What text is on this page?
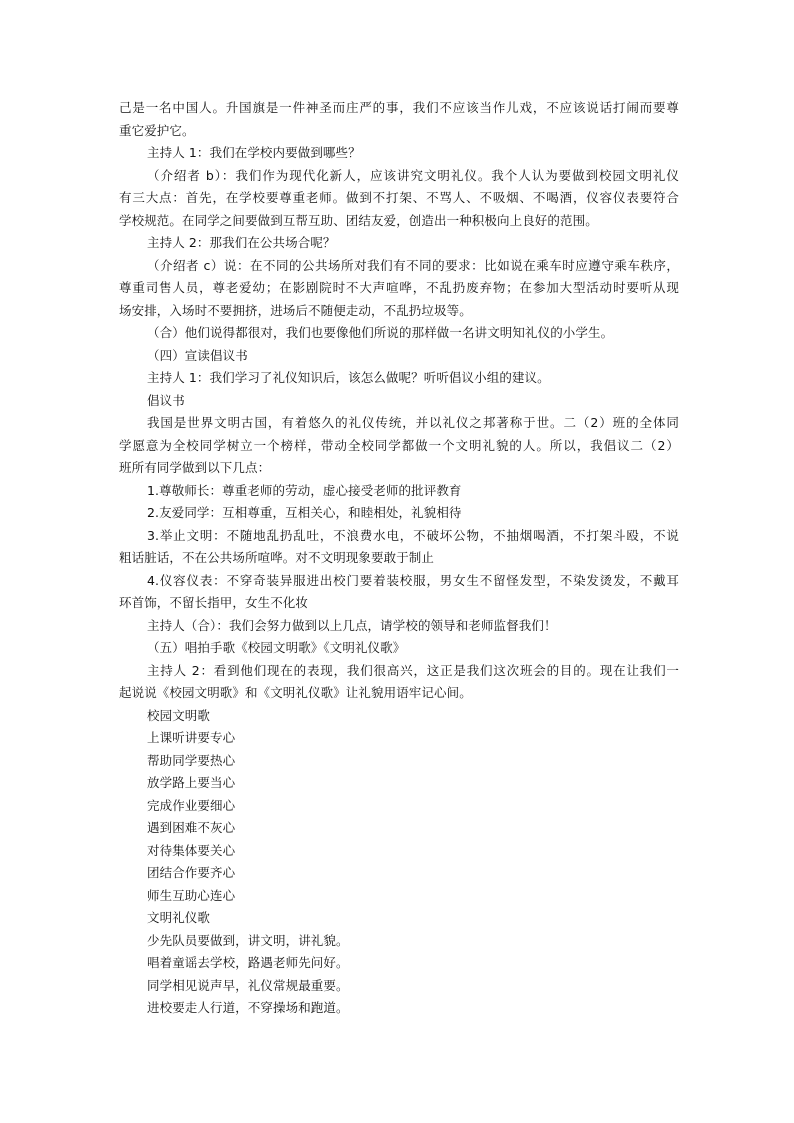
己是一名中国人。升国旗是一件神圣而庄严的事，我们不应该当作儿戏，不应该说话打闹而要尊
重它爱护它。
主持人 1：我们在学校内要做到哪些？
（介绍者 b）：我们作为现代化新人，应该讲究文明礼仪。我个人认为要做到校园文明礼仪
有三大点：首先，在学校要尊重老师。做到不打架、不骂人、不吸烟、不喝酒，仪容仪表要符合
学校规范。在同学之间要做到互帮互助、团结友爱，创造出一种积极向上良好的范围。
主持人 2：那我们在公共场合呢？
（介绍者 c）说：在不同的公共场所对我们有不同的要求：比如说在乘车时应遵守乘车秩序，
尊重司售人员，尊老爱幼；在影剧院时不大声喧哗，不乱扔废弃物；在参加大型活动时要听从现
场安排，入场时不要拥挤，进场后不随便走动，不乱扔垃圾等。
（合）他们说得都很对，我们也要像他们所说的那样做一名讲文明知礼仪的小学生。
（四）宣读倡议书
主持人 1：我们学习了礼仪知识后，该怎么做呢？听听倡议小组的建议。
倡议书
我国是世界文明古国，有着悠久的礼仪传统，并以礼仪之邦著称于世。二（2）班的全体同
学愿意为全校同学树立一个榜样，带动全校同学都做一个文明礼貌的人。所以，我倡议二（2）
班所有同学做到以下几点：
1.尊敬师长：尊重老师的劳动，虚心接受老师的批评教育
2.友爱同学：互相尊重，互相关心，和睦相处，礼貌相待
3.举止文明：不随地乱扔乱吐，不浪费水电，不破坏公物，不抽烟喝酒，不打架斗殴，不说
粗话脏话，不在公共场所喧哗。对不文明现象要敢于制止
4.仪容仪表：不穿奇装异服进出校门要着装校服，男女生不留怪发型，不染发烫发，不戴耳
环首饰，不留长指甲，女生不化妆
主持人（合）：我们会努力做到以上几点，请学校的领导和老师监督我们！
（五）唱拍手歌《校园文明歌》《文明礼仪歌》
主持人 2：看到他们现在的表现，我们很高兴，这正是我们这次班会的目的。现在让我们一
起说说《校园文明歌》和《文明礼仪歌》让礼貌用语牢记心间。
校园文明歌
上课听讲要专心
帮助同学要热心
放学路上要当心
完成作业要细心
遇到困难不灰心
对待集体要关心
团结合作要齐心
师生互助心连心
文明礼仪歌
少先队员要做到，讲文明，讲礼貌。
唱着童谣去学校，路遇老师先问好。
同学相见说声早，礼仪常规最重要。
进校要走人行道，不穿操场和跑道。
